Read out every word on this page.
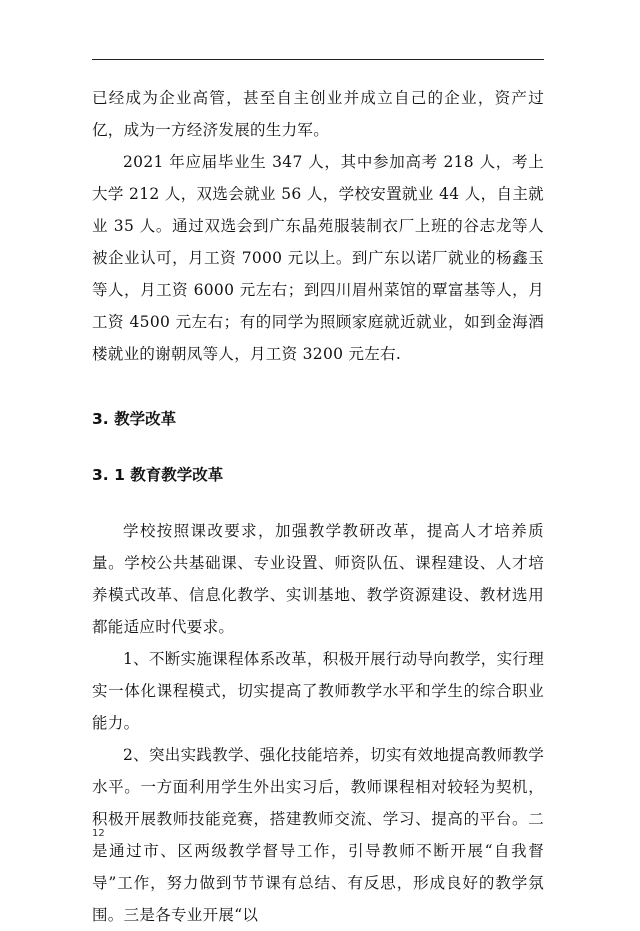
已经成为企业高管，甚至自主创业并成立自己的企业，资产过亿，成为一方经济发展的生力军。

2021 年应届毕业生 347 人，其中参加高考 218 人，考上大学 212 人，双选会就业 56 人，学校安置就业 44 人，自主就业 35 人。通过双选会到广东晶苑服装制衣厂上班的谷志龙等人被企业认可，月工资 7000 元以上。到广东以诺厂就业的杨鑫玉等人，月工资 6000 元左右；到四川眉州菜馆的覃富基等人，月工资 4500 元左右；有的同学为照顾家庭就近就业，如到金海酒楼就业的谢朝凤等人，月工资 3200 元左右.

3. 教学改革
3. 1 教育教学改革

学校按照课改要求，加强教学教研改革，提高人才培养质量。学校公共基础课、专业设置、师资队伍、课程建设、人才培养模式改革、信息化教学、实训基地、教学资源建设、教材选用都能适应时代要求。

1、不断实施课程体系改革，积极开展行动导向教学，实行理实一体化课程模式，切实提高了教师教学水平和学生的综合职业能力。

2、突出实践教学、强化技能培养，切实有效地提高教师教学水平。一方面利用学生外出实习后，教师课程相对较轻为契机，积极开展教师技能竞赛，搭建教师交流、学习、提高的平台。二是通过市、区两级教学督导工作，引导教师不断开展“自我督导”工作，努力做到节节课有总结、有反思，形成良好的教学氛围。三是各专业开展“以

12
